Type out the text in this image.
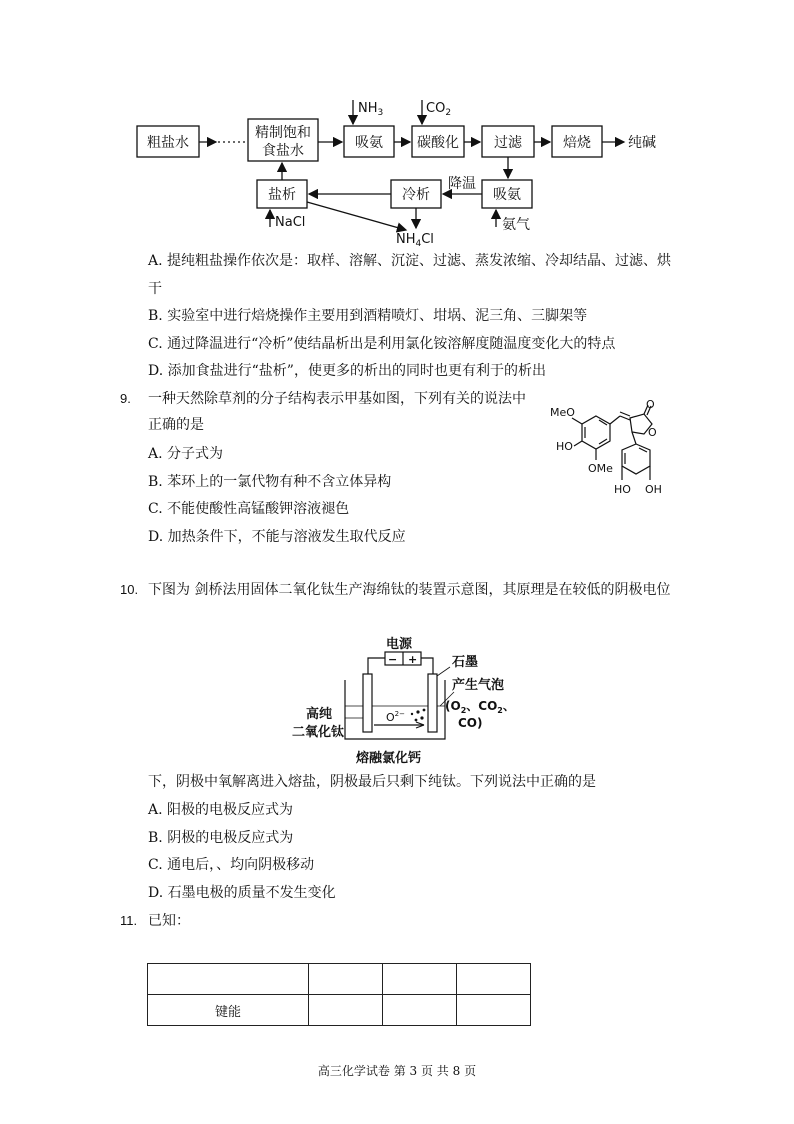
粗盐水
精制饱和
食盐水	吸氨 碳酸化	过滤	焙烧	纯碱
盐析	冷析	吸氨
降温
氨气
$NH_3$	$CO_2$
NaCl
$NH_4Cl$
A. 提纯粗盐操作依次是：取样、溶解、沉淀、过滤、蒸发浓缩、冷却结晶、过滤、烘
干
B. 实验室中进行焙烧操作主要用到酒精喷灯、坩埚、泥三角、三脚架等
C. 通过降温进行“冷析”使结晶析出是利用氯化铵溶解度随温度变化大的特点
D. 添加食盐进行“盐析”，使更多的析出的同时也更有利于的析出
9. 一种天然除草剂的分子结构表示甲基如图，下列有关的说法中
正确的是
A. 分子式为
B. 苯环上的一氯代物有种不含立体异构
C. 不能使酸性高锰酸钾溶液褪色
D. 加热条件下，不能与溶液发生取代反应
MeO
HO
OMe
O
O
HO OH
10. 下图为 剑桥法用固体二氧化钛生产海绵钛的装置示意图，其原理是在较低的阴极电位
电源
− +	石墨
产生气泡
($O_2$、$CO_2$、
CO)
高纯
二氧化钛
$O^{2-}$
熔融氯化钙
下，阴极中氧解离进入熔盐，阴极最后只剩下纯钛。下列说法中正确的是
A. 阳极的电极反应式为
B. 阴极的电极反应式为
C. 通电后，、均向阴极移动
D. 石墨电极的质量不发生变化
11. 已知：

键能			
高三化学试卷 第 3 页 共 8 页
